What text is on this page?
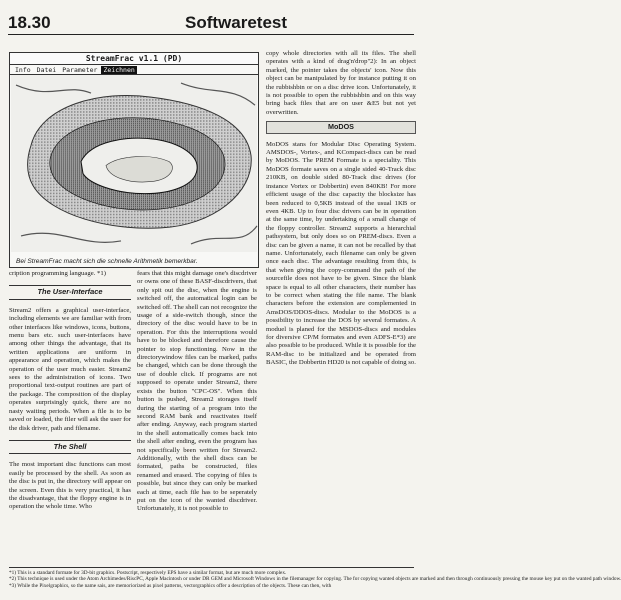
18.30	Softwaretest
StreamFrac v1.1 (PD)
Info Datei Parameter Zeichnen
Bei StreamFrac macht sich die schnelle Arithmetik bemerkbar.

cription programming language. *1)

The User-Interface

Stream2 offers a graphical user-interface, including elements we are familiar with from other interfaces like windows, icons, buttons, menu bars etc. such user-interfaces have among other things the advantage, that its written applications are uniform in appearance and operation, which makes the operation of the user much easier. Stream2 sees to the administration of icons. Two proportional text-output routines are part of the package. The composition of the display operates surprisingly quick, there are no nasty waiting periods. When a file is to be saved or loaded, the filer will ask the user for the disk driver, path and filename.

The Shell

The most important disc functions can most easily be processed by the shell. As soon as the disc is put in, the directory will appear on the screen. Even this is very practical, it has the disadvantage, that the floppy engine is in operation the whole time. Who

fears that this might damage one's discdriver or owns one of these BASF-discdrivers, that only spit out the disc, when the engine is switched off, the automatical login can be switched off. The shell can not recognize the usage of a side-switch though, since the directory of the disc would have to be in operation. For this the interruptions would have to be blocked and therefore cause the pointer to stop functioning. Now in the directorywindow files can be marked, paths be changed, which can be done through the use of double click. If programs are not supposed to operate under Stream2, there exists the button "CPC-OS". When this button is pushed, Stream2 storages itself during the starting of a program into the second RAM bank and reactivates itself after ending. Anyway, each program started in the shell automatically comes back into the shell after ending, even the program has not specifically been written for Stream2. Additionally, with the shell discs can be formated, paths be constructed, files renamed and erased. The copying of files is possible, but since they can only be marked each at time, each file has to be seperately put on the icon of the wanted discdriver. Unfortunately, it is not possible to

copy whole directories with all its files. The shell operates with a kind of drag'n'drop"2): In an object marked, the pointer takes the objects' icon. Now this object can be manipulated by for instance putting it on the rubbishbin or on a disc drive icon. Unfortunately, it is not possible to open the rubbishbin and on this way bring back files that are on user &E5 but not yet overwritten.

MoDOS

MoDOS stans for Modular Disc Operating System. AMSDOS-, Vortex-, and KCompact-discs can be read by MoDOS. The PREM Formate is a speciality. This MoDOS formate saves on a single sided 40-Track disc 210KB, on double sided 80-Track disc drives (for instance Vortex or Dobbertin) even 840KB! For more efficient usage of the disc capacity the blocksize has been reduced to 0,5KB instead of the usual 1KB or even 4KB. Up to four disc drivers can be in operation at the same time, by undertaking of a small change of the floppy controller. Stream2 supports a hierarchial pathsystem, but only does so on PREM-discs. Even a disc can be given a name, it can not be recalled by that name. Unfortunately, each filename can only be given once each disc. The advantage resulting from this, is that when giving the copy-command the path of the sourcefile does not have to be given. Since the blank space is equal to all other characters, their number has to be correct when stating the file name. The blank characters before the extension are complemented in AmsDOS/DDOS-discs. Modular to the MoDOS is a possibility to increase the DOS by several formates. A moduel is planed for the MSDOS-discs and modules for diversive CP/M formates and even ADFS-E*3) are also possible to be produced. While it is possible for the RAM-disc to be initialized and be operated from BASIC, the Dobbertin HD20 is not capable of doing so.

*1) This is a standard formate for 3D-bit graphics. Postscript, respectively EPS have a similar format, but are much more complex.
*2) This technique is used under the Atom Archimedes/RiscPC, Apple Macintosh or under DR GEM and Microsoft Windows in the filemanager for copying. The for copying wanted objects are marked and then through continuously pressing the mouse key put on the wanted path window.
*3) While the Pixelgraphics, so the name sais, are memoriorized as pixel patterns, vectorgraphics offer a description of the objects. These can then, with
